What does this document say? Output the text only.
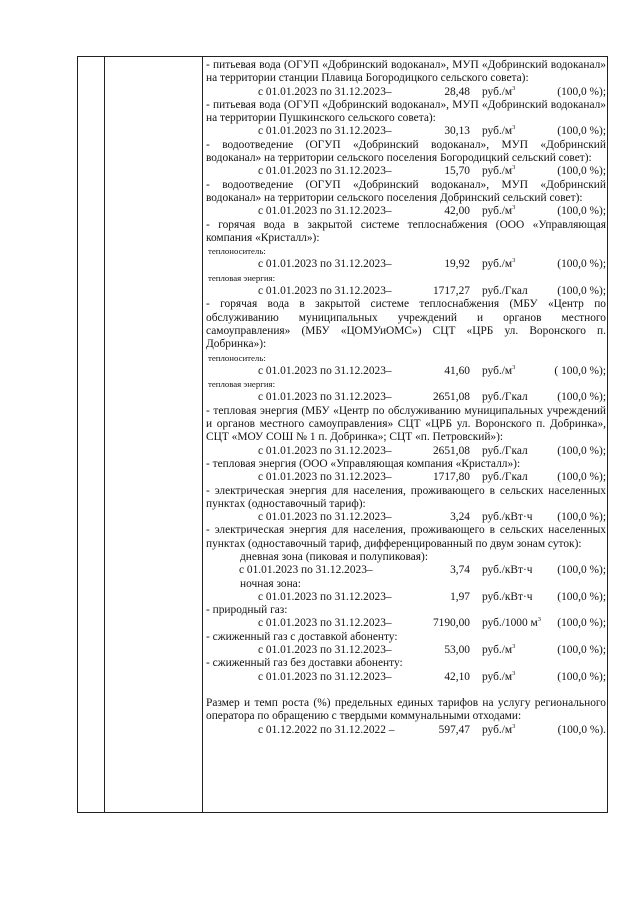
- питьевая вода (ОГУП «Добринский водоканал», МУП «Добринский водоканал» на территории станции Плавица Богородицкого сельского совета):
с 01.01.2023 по 31.12.2023–	28,48 $руб./м^3$	(100,0 %);
- питьевая вода (ОГУП «Добринский водоканал», МУП «Добринский водоканал» на территории Пушкинского сельского совета):
с 01.01.2023 по 31.12.2023–	30,13 $руб./м^3$	(100,0 %);
- водоотведение (ОГУП «Добринский водоканал», МУП «Добринский водоканал» на территории сельского поселения Богородицкий сельский совет):
с 01.01.2023 по 31.12.2023–	15,70 $руб./м^3$	(100,0 %);
- водоотведение (ОГУП «Добринский водоканал», МУП «Добринский водоканал» на территории сельского поселения Добринский сельский совет):
с 01.01.2023 по 31.12.2023–	42,00 $руб./м^3$	(100,0 %);
- горячая вода в закрытой системе теплоснабжения (ООО «Управляющая компания «Кристалл»):
теплоноситель:
с 01.01.2023 по 31.12.2023–	19,92 $руб./м^3$	(100,0 %);
тепловая энергия:
с 01.01.2023 по 31.12.2023–	1717,27 руб./Гкал	(100,0 %);
- горячая вода в закрытой системе теплоснабжения (МБУ «Центр по обслуживанию муниципальных учреждений и органов местного самоуправления» (МБУ «ЦОМУиОМС») СЦТ «ЦРБ ул. Воронского п. Добринка»):
теплоноситель:
с 01.01.2023 по 31.12.2023–	41,60 $руб./м^3$	( 100,0 %);
тепловая энергия:
с 01.01.2023 по 31.12.2023–	2651,08 руб./Гкал	(100,0 %);
- тепловая энергия (МБУ «Центр по обслуживанию муниципальных учреждений и органов местного самоуправления» СЦТ «ЦРБ ул. Воронского п. Добринка», СЦТ «МОУ СОШ № 1 п. Добринка»; СЦТ «п. Петровский»):
с 01.01.2023 по 31.12.2023–	2651,08 руб./Гкал	(100,0 %);
- тепловая энергия (ООО «Управляющая компания «Кристалл»):
с 01.01.2023 по 31.12.2023–	1717,80 руб./Гкал	(100,0 %);
- электрическая энергия для населения, проживающего в сельских населенных пунктах (одноставочный тариф):
с 01.01.2023 по 31.12.2023–	3,24 руб./кВт·ч (100,0 %);
- электрическая энергия для населения, проживающего в сельских населенных пунктах (одноставочный тариф, дифференцированный по двум зонам суток):
дневная зона (пиковая и полупиковая):
с 01.01.2023 по 31.12.2023–	3,74 руб./кВт·ч (100,0 %);
ночная зона:
с 01.01.2023 по 31.12.2023–	1,97 руб./кВт·ч (100,0 %);
- природный газ:
с 01.01.2023 по 31.12.2023–	7190,00 руб./1000 $м^3$ (100,0 %);
- сжиженный газ с доставкой абоненту:
с 01.01.2023 по 31.12.2023–	53,00 $руб./м^3$	(100,0 %);
- сжиженный газ без доставки абоненту:
с 01.01.2023 по 31.12.2023–	42,10 $руб./м^3$	(100,0 %);
Размер и темп роста (%) предельных единых тарифов на услугу регионального оператора по обращению с твердыми коммунальными отходами:
с 01.12.2022 по 31.12.2022 –	597,47 $руб./м^3$	(100,0 %).
